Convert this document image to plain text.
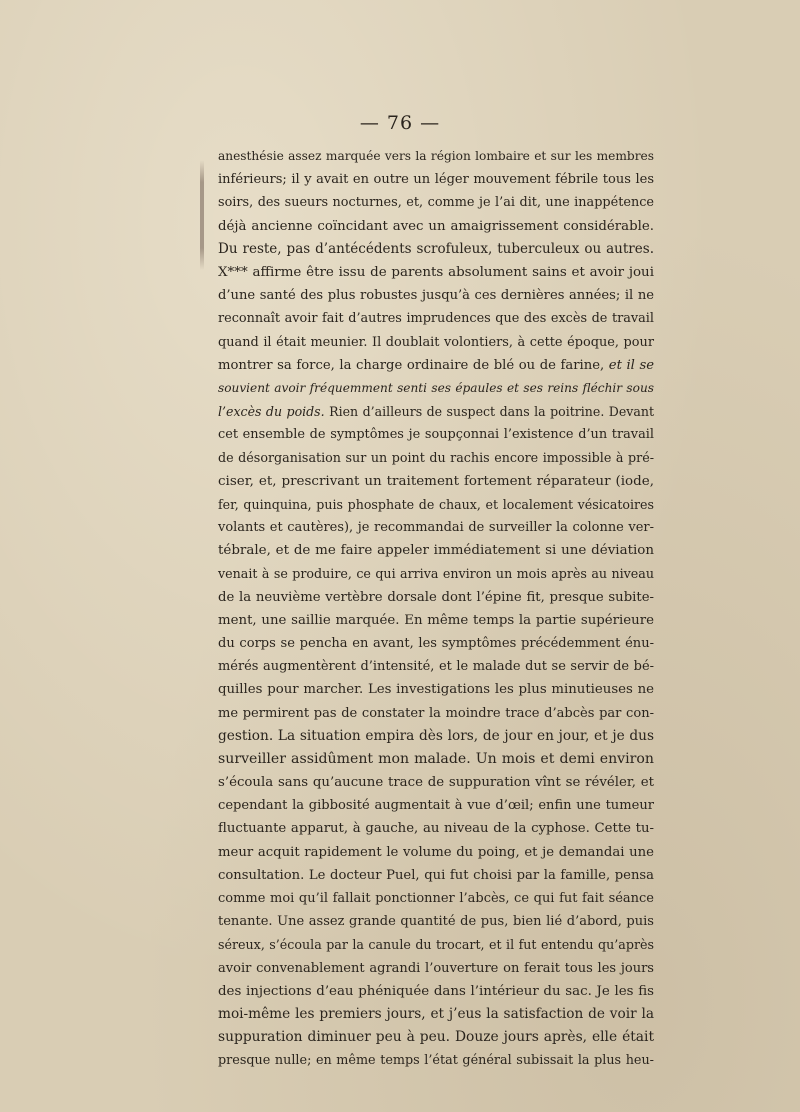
— 76 —
anesthésie assez marquée vers la région lombaire et sur les membres
inférieurs; il y avait en outre un léger mouvement fébrile tous les
soirs, des sueurs nocturnes, et, comme je l’ai dit, une inappétence
déjà ancienne coïncidant avec un amaigrissement considérable.
Du reste, pas d’antécédents scrofuleux, tuberculeux ou autres.
X*** affirme être issu de parents absolument sains et avoir joui
d’une santé des plus robustes jusqu’à ces dernières années; il ne
reconnaît avoir fait d’autres imprudences que des excès de travail
quand il était meunier. Il doublait volontiers, à cette époque, pour
montrer sa force, la charge ordinaire de blé ou de farine, et il se
souvient avoir fréquemment senti ses épaules et ses reins fléchir sous
l’excès du poids. Rien d’ailleurs de suspect dans la poitrine. Devant
cet ensemble de symptômes je soupçonnai l’existence d’un travail
de désorganisation sur un point du rachis encore impossible à pré-
ciser, et, prescrivant un traitement fortement réparateur (iode,
fer, quinquina, puis phosphate de chaux, et localement vésicatoires
volants et cautères), je recommandai de surveiller la colonne ver-
tébrale, et de me faire appeler immédiatement si une déviation
venait à se produire, ce qui arriva environ un mois après au niveau
de la neuvième vertèbre dorsale dont l’épine fit, presque subite-
ment, une saillie marquée. En même temps la partie supérieure
du corps se pencha en avant, les symptômes précédemment énu-
mérés augmentèrent d’intensité, et le malade dut se servir de bé-
quilles pour marcher. Les investigations les plus minutieuses ne
me permirent pas de constater la moindre trace d’abcès par con-
gestion. La situation empira dès lors, de jour en jour, et je dus
surveiller assidûment mon malade. Un mois et demi environ
s’écoula sans qu’aucune trace de suppuration vînt se révéler, et
cependant la gibbosité augmentait à vue d’œil; enfin une tumeur
fluctuante apparut, à gauche, au niveau de la cyphose. Cette tu-
meur acquit rapidement le volume du poing, et je demandai une
consultation. Le docteur Puel, qui fut choisi par la famille, pensa
comme moi qu’il fallait ponctionner l’abcès, ce qui fut fait séance
tenante. Une assez grande quantité de pus, bien lié d’abord, puis
séreux, s’écoula par la canule du trocart, et il fut entendu qu’après
avoir convenablement agrandi l’ouverture on ferait tous les jours
des injections d’eau phéniquée dans l’intérieur du sac. Je les fis
moi-même les premiers jours, et j’eus la satisfaction de voir la
suppuration diminuer peu à peu. Douze jours après, elle était
presque nulle; en même temps l’état général subissait la plus heu-
